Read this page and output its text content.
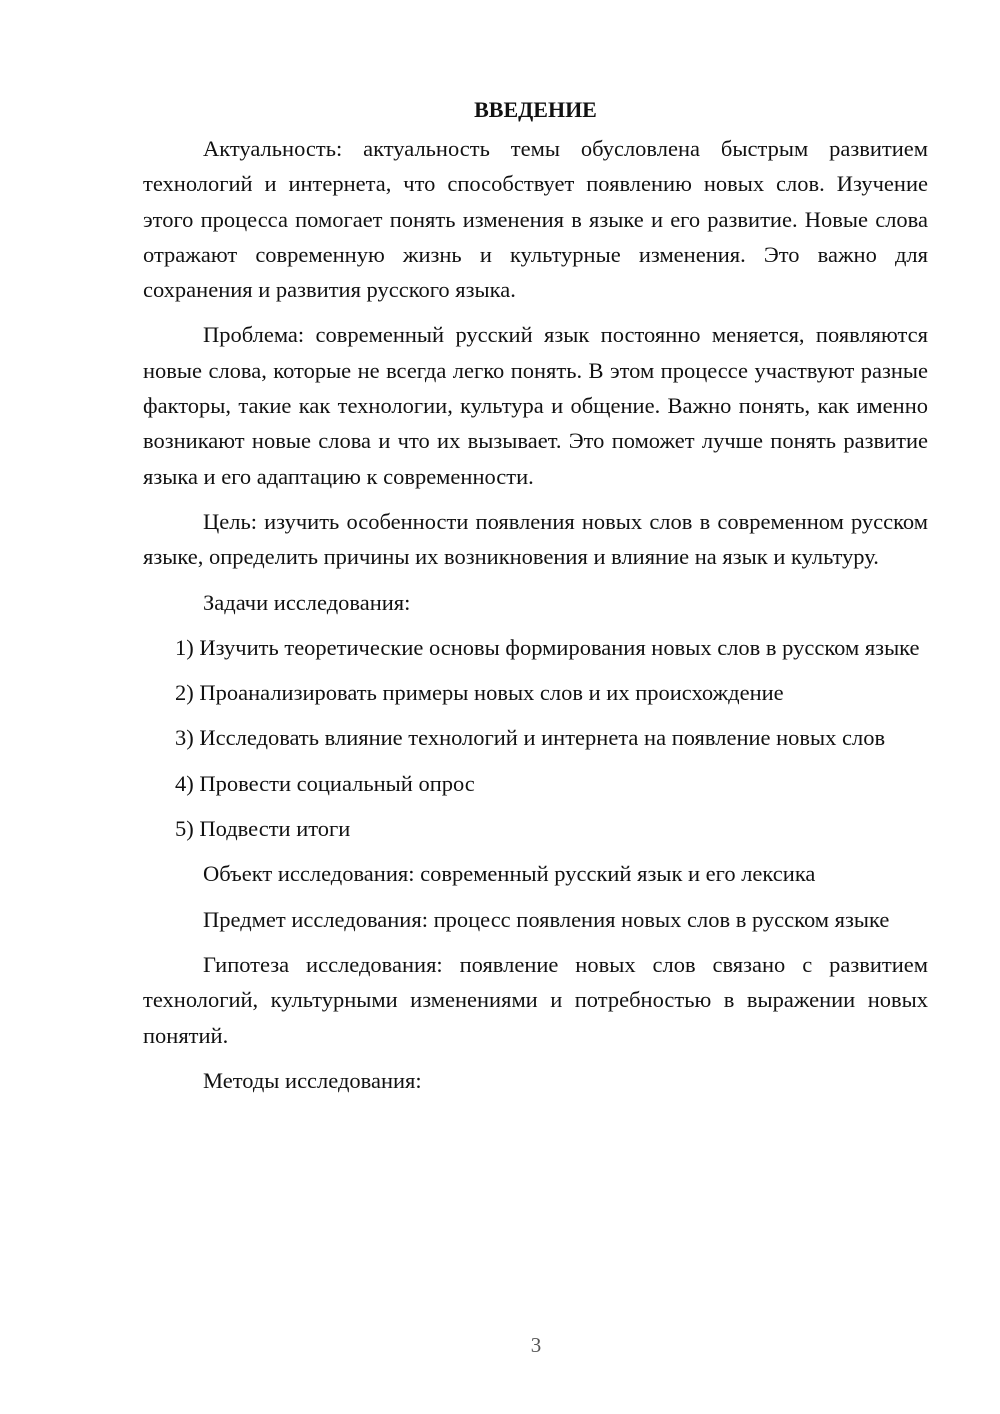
ВВЕДЕНИЕ

Актуальность: актуальность темы обусловлена быстрым развитием технологий и интернета, что способствует появлению новых слов. Изучение этого процесса помогает понять изменения в языке и его развитие. Новые слова отражают современную жизнь и культурные изменения. Это важно для сохранения и развития русского языка.

Проблема: современный русский язык постоянно меняется, появляются новые слова, которые не всегда легко понять. В этом процессе участвуют разные факторы, такие как технологии, культура и общение. Важно понять, как именно возникают новые слова и что их вызывает. Это поможет лучше понять развитие языка и его адаптацию к современности.

Цель: изучить особенности появления новых слов в современном русском языке, определить причины их возникновения и влияние на язык и культуру.

Задачи исследования:

1) Изучить теоретические основы формирования новых слов в русском языке

2) Проанализировать примеры новых слов и их происхождение

3) Исследовать влияние технологий и интернета на появление новых слов

4) Провести социальный опрос

5) Подвести итоги

Объект исследования: современный русский язык и его лексика

Предмет исследования: процесс появления новых слов в русском языке

Гипотеза исследования: появление новых слов связано с развитием технологий, культурными изменениями и потребностью в выражении новых понятий.

Методы исследования:

3
